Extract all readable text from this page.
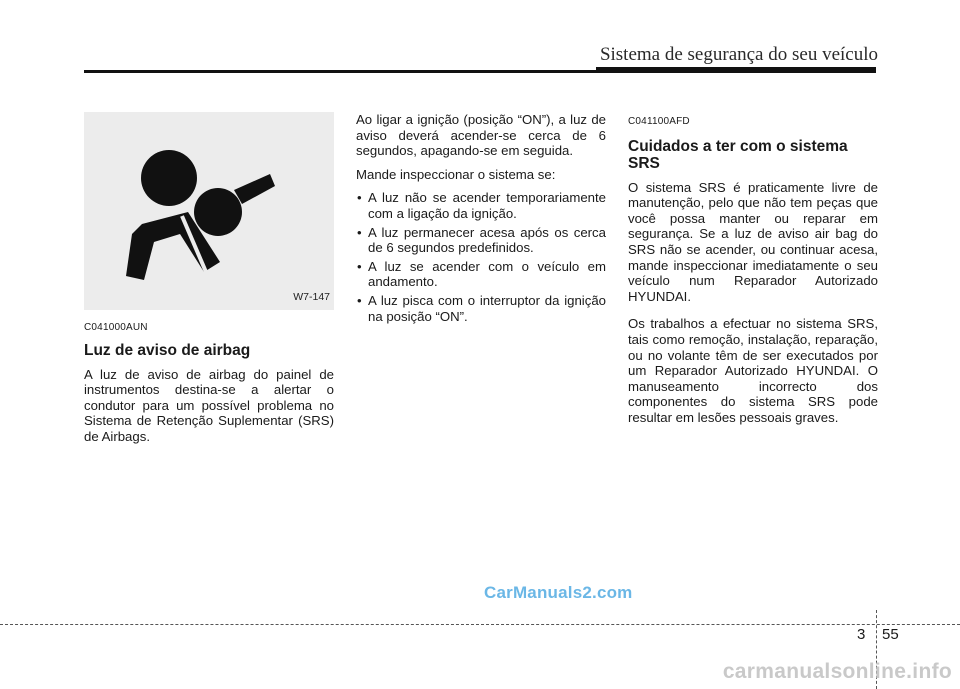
Sistema de segurança do seu veículo
W7-147
C041000AUN
Luz de aviso de airbag

A luz de aviso de airbag do painel de instrumentos destina-se a alertar o condutor para um possível problema no Sistema de Retenção Suplementar (SRS) de Airbags.

Ao ligar a ignição (posição “ON”), a luz de aviso deverá acender-se cerca de 6 segundos, apagando-se em seguida.

Mande inspeccionar o sistema se:

• A luz não se acender temporariamente com a ligação da ignição.
• A luz permanecer acesa após os cerca de 6 segundos predefinidos.
• A luz se acender com o veículo em andamento.
• A luz pisca com o interruptor da ignição na posição “ON”.
C041100AFD
Cuidados a ter com o sistema SRS

O sistema SRS é praticamente livre de manutenção, pelo que não tem peças que você possa manter ou reparar em segurança. Se a luz de aviso air bag do SRS não se acender, ou continuar acesa, mande inspeccionar imediatamente o seu veículo num Reparador Autorizado HYUNDAI.

Os trabalhos a efectuar no sistema SRS, tais como remoção, instalação, reparação, ou no volante têm de ser executados por um Reparador Autorizado HYUNDAI. O manuseamento incorrecto dos componentes do sistema SRS pode resultar em lesões pessoais graves.

CarManuals2.com
3 55
carmanualsonline.info
